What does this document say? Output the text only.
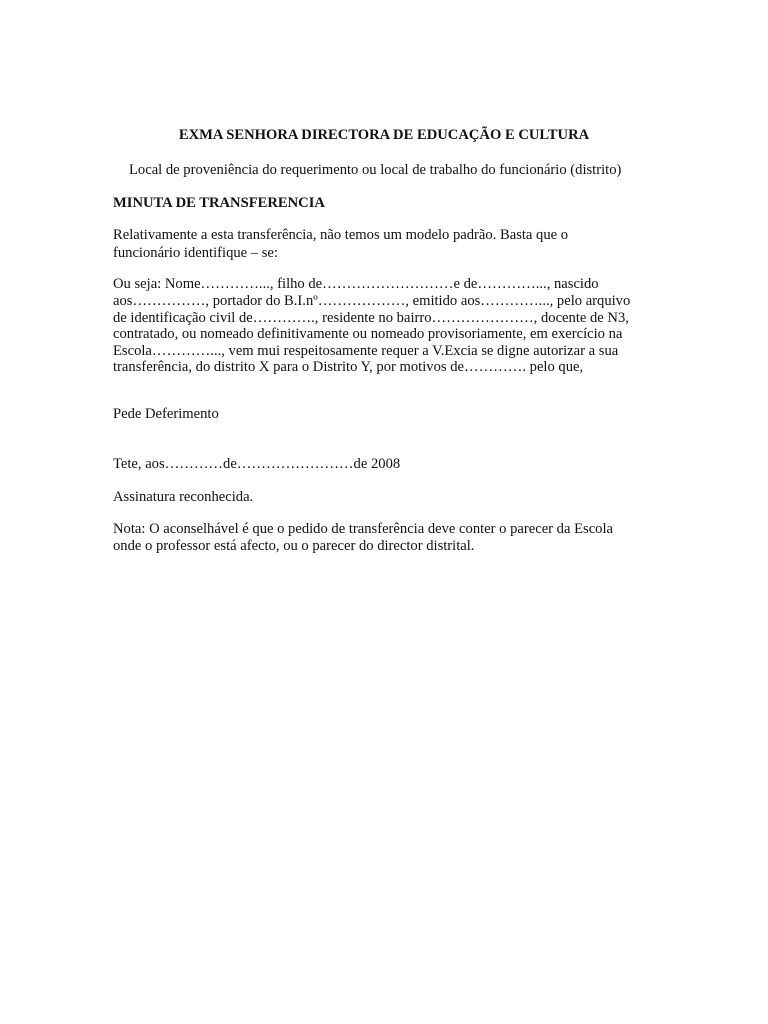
EXMA SENHORA DIRECTORA DE EDUCAÇÃO E CULTURA
Local de proveniência do requerimento ou local de trabalho do funcionário (distrito)
MINUTA DE TRANSFERENCIA
Relativamente a esta transferência, não temos um modelo padrão. Basta que o
funcionário identifique – se:
Ou seja: Nome…………..., filho de………………………e de…………..., nascido
aos……………, portador do B.I.nº………………, emitido aos…………..., pelo arquivo
de identificação civil de…………., residente no bairro…………………, docente de N3,
contratado, ou nomeado definitivamente ou nomeado provisoriamente, em exercício na
Escola…………..., vem mui respeitosamente requer a V.Excia se digne autorizar a sua
transferência, do distrito X para o Distrito Y, por motivos de…………. pelo que,
Pede Deferimento
Tete, aos…………de……………………de 2008
Assinatura reconhecida.
Nota: O aconselhável é que o pedido de transferência deve conter o parecer da Escola
onde o professor está afecto, ou o parecer do director distrital.
